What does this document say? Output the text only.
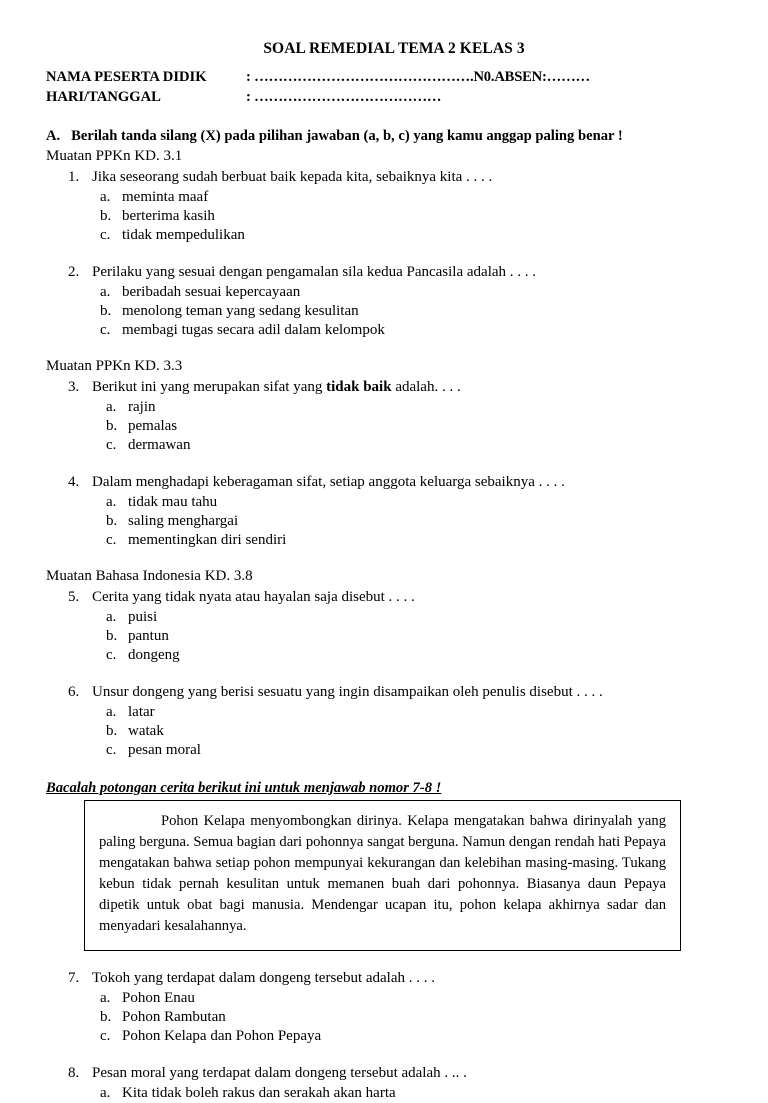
SOAL REMEDIAL TEMA 2 KELAS 3
NAMA PESERTA DIDIK	: ……………………………………….N0.ABSEN:………
HARI/TANGGAL	: …………………………………
A.   Berilah tanda silang (X) pada pilihan jawaban (a, b, c) yang kamu anggap paling benar !
Muatan PPKn KD. 3.1
1. Jika seseorang sudah berbuat baik kepada kita, sebaiknya kita . . . .
a. meminta maaf
b. berterima kasih
c. tidak mempedulikan
2. Perilaku yang sesuai dengan pengamalan sila kedua Pancasila adalah . . . .
a. beribadah sesuai kepercayaan
b. menolong teman yang sedang kesulitan
c. membagi tugas secara adil dalam kelompok
Muatan PPKn KD. 3.3
3. Berikut ini yang merupakan sifat yang tidak baik adalah. . . .
a. rajin
b. pemalas
c. dermawan
4. Dalam menghadapi keberagaman sifat, setiap anggota keluarga sebaiknya . . . .
a. tidak mau tahu
b. saling menghargai
c. mementingkan diri sendiri
Muatan Bahasa Indonesia KD. 3.8
5. Cerita yang tidak nyata atau hayalan saja disebut . . . .
a. puisi
b. pantun
c. dongeng
6. Unsur dongeng yang berisi sesuatu yang ingin disampaikan oleh penulis disebut . . . .
a. latar
b. watak
c. pesan moral
Bacalah potongan cerita berikut ini untuk menjawab nomor 7-8 !
Pohon Kelapa menyombongkan dirinya. Kelapa mengatakan bahwa dirinyalah yang paling berguna. Semua bagian dari pohonnya sangat berguna. Namun dengan rendah hati Pepaya mengatakan bahwa setiap pohon mempunyai kekurangan dan kelebihan masing-masing. Tukang kebun tidak pernah kesulitan untuk memanen buah dari pohonnya. Biasanya daun Pepaya dipetik untuk obat bagi manusia. Mendengar ucapan itu, pohon kelapa akhirnya sadar dan menyadari kesalahannya.
7. Tokoh yang terdapat dalam dongeng tersebut adalah . . . .
a. Pohon Enau
b. Pohon Rambutan
c. Pohon Kelapa dan Pohon Pepaya
8. Pesan moral yang terdapat dalam dongeng tersebut adalah . .. .
a. Kita tidak boleh rakus dan serakah akan harta
